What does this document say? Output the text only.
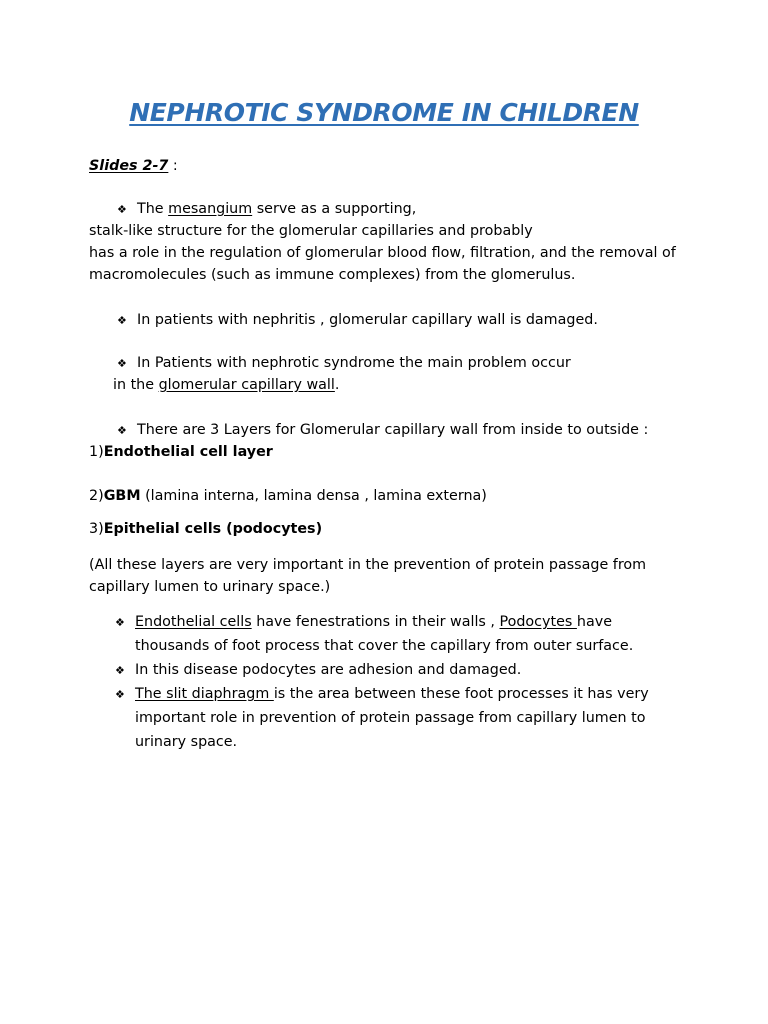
NEPHROTIC SYNDROME IN CHILDREN
Slides 2-7 :
❖ The mesangium serve as a supporting,
stalk-like structure for the glomerular capillaries and probably
has a role in the regulation of glomerular blood flow, filtration, and the removal of
macromolecules (such as immune complexes) from the glomerulus.
❖ In patients with nephritis , glomerular capillary wall is damaged.
❖ In Patients with nephrotic syndrome the main problem occur
in the glomerular capillary wall.
❖ There are 3 Layers for Glomerular capillary wall from inside to outside :
1)Endothelial cell layer
2)GBM (lamina interna, lamina densa , lamina externa)
3)Epithelial cells (podocytes)
(All these layers are very important in the prevention of protein passage from
capillary lumen to urinary space.)
❖ Endothelial cells have fenestrations in their walls , Podocytes have
thousands of foot process that cover the capillary from outer surface.
❖ In this disease podocytes are adhesion and damaged.
❖ The slit diaphragm is the area between these foot processes it has very
important role in prevention of protein passage from capillary lumen to
urinary space.
